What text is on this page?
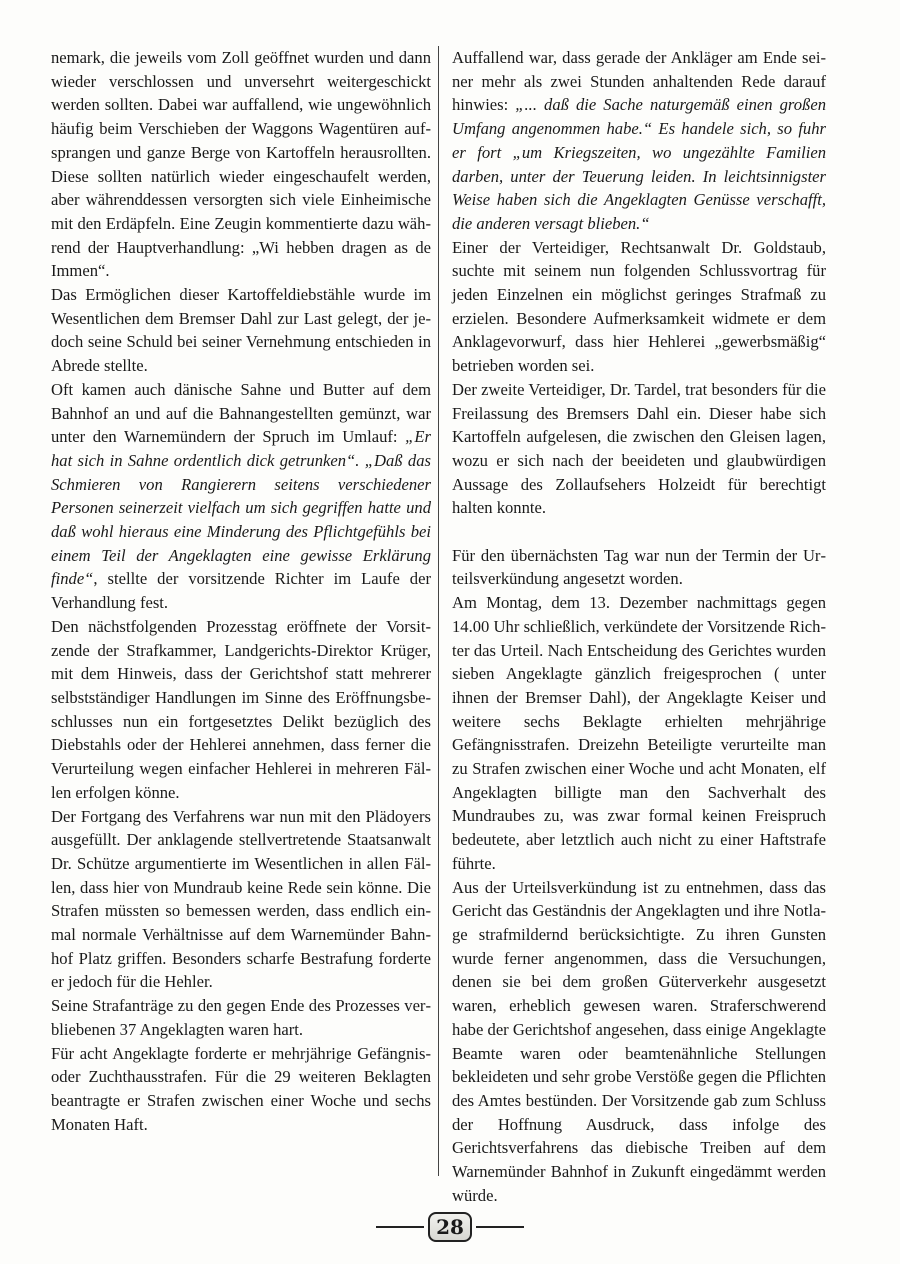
nemark, die jeweils vom Zoll geöffnet wurden und dann wieder verschlossen und unversehrt weitergeschickt werden sollten. Dabei war auffallend, wie ungewöhnlich häufig beim Verschieben der Waggons Wagentüren aufsprangen und ganze Berge von Kartoffeln herausrollten. Diese sollten natürlich wieder eingeschaufelt werden, aber währenddessen versorgten sich viele Einheimische mit den Erdäpfeln. Eine Zeugin kommentierte dazu während der Hauptverhandlung: „Wi hebben dragen as de Immen“.

Das Ermöglichen dieser Kartoffeldiebstähle wurde im Wesentlichen dem Bremser Dahl zur Last gelegt, der jedoch seine Schuld bei seiner Vernehmung entschieden in Abrede stellte.

Oft kamen auch dänische Sahne und Butter auf dem Bahnhof an und auf die Bahnangestellten gemünzt, war unter den Warnemündern der Spruch im Umlauf: „Er hat sich in Sahne ordentlich dick getrunken“. „Daß das Schmieren von Rangierern seitens verschiedener Personen seinerzeit vielfach um sich gegriffen hatte und daß wohl hieraus eine Minderung des Pflichtgefühls bei einem Teil der Angeklagten eine gewisse Erklärung finde“, stellte der vorsitzende Richter im Laufe der Verhandlung fest.

Den nächstfolgenden Prozesstag eröffnete der Vorsitzende der Strafkammer, Landgerichts-Direktor Krüger, mit dem Hinweis, dass der Gerichtshof statt mehrerer selbstständiger Handlungen im Sinne des Eröffnungsbeschlusses nun ein fortgesetztes Delikt bezüglich des Diebstahls oder der Hehlerei annehmen, dass ferner die Verurteilung wegen einfacher Hehlerei in mehreren Fällen erfolgen könne.

Der Fortgang des Verfahrens war nun mit den Plädoyers ausgefüllt. Der anklagende stellvertretende Staatsanwalt Dr. Schütze argumentierte im Wesentlichen in allen Fällen, dass hier von Mundraub keine Rede sein könne. Die Strafen müssten so bemessen werden, dass endlich einmal normale Verhältnisse auf dem Warnemünder Bahnhof Platz griffen. Besonders scharfe Bestrafung forderte er jedoch für die Hehler.

Seine Strafanträge zu den gegen Ende des Prozesses verbliebenen 37 Angeklagten waren hart.

Für acht Angeklagte forderte er mehrjährige Gefängnis- oder Zuchthausstrafen. Für die 29 weiteren Beklagten beantragte er Strafen zwischen einer Woche und sechs Monaten Haft.

Auffallend war, dass gerade der Ankläger am Ende seiner mehr als zwei Stunden anhaltenden Rede darauf hinwies: „... daß die Sache naturgemäß einen großen Umfang angenommen habe.“ Es handele sich, so fuhr er fort „um Kriegszeiten, wo ungezählte Familien darben, unter der Teuerung leiden. In leichtsinnigster Weise haben sich die Angeklagten Genüsse verschafft, die anderen versagt blieben.“

Einer der Verteidiger, Rechtsanwalt Dr. Goldstaub, suchte mit seinem nun folgenden Schlussvortrag für jeden Einzelnen ein möglichst geringes Strafmaß zu erzielen. Besondere Aufmerksamkeit widmete er dem Anklagevorwurf, dass hier Hehlerei „gewerbsmäßig“ betrieben worden sei.

Der zweite Verteidiger, Dr. Tardel, trat besonders für die Freilassung des Bremsers Dahl ein. Dieser habe sich Kartoffeln aufgelesen, die zwischen den Gleisen lagen, wozu er sich nach der beeideten und glaubwürdigen Aussage des Zollaufsehers Holzeidt für berechtigt halten konnte.

Für den übernächsten Tag war nun der Termin der Urteilsverkündung angesetzt worden.

Am Montag, dem 13. Dezember nachmittags gegen 14.00 Uhr schließlich, verkündete der Vorsitzende Richter das Urteil. Nach Entscheidung des Gerichtes wurden sieben Angeklagte gänzlich freigesprochen ( unter ihnen der Bremser Dahl), der Angeklagte Keiser und weitere sechs Beklagte erhielten mehrjährige Gefängnisstrafen. Dreizehn Beteiligte verurteilte man zu Strafen zwischen einer Woche und acht Monaten, elf Angeklagten billigte man den Sachverhalt des Mundraubes zu, was zwar formal keinen Freispruch bedeutete, aber letztlich auch nicht zu einer Haftstrafe führte.

Aus der Urteilsverkündung ist zu entnehmen, dass das Gericht das Geständnis der Angeklagten und ihre Notlage strafmildernd berücksichtigte. Zu ihren Gunsten wurde ferner angenommen, dass die Versuchungen, denen sie bei dem großen Güterverkehr ausgesetzt waren, erheblich gewesen waren. Straferschwerend habe der Gerichtshof angesehen, dass einige Angeklagte Beamte waren oder beamtenähnliche Stellungen bekleideten und sehr grobe Verstöße gegen die Pflichten des Amtes bestünden. Der Vorsitzende gab zum Schluss der Hoffnung Ausdruck, dass infolge des Gerichtsverfahrens das diebische Treiben auf dem Warnemünder Bahnhof in Zukunft eingedämmt werden würde.

28
